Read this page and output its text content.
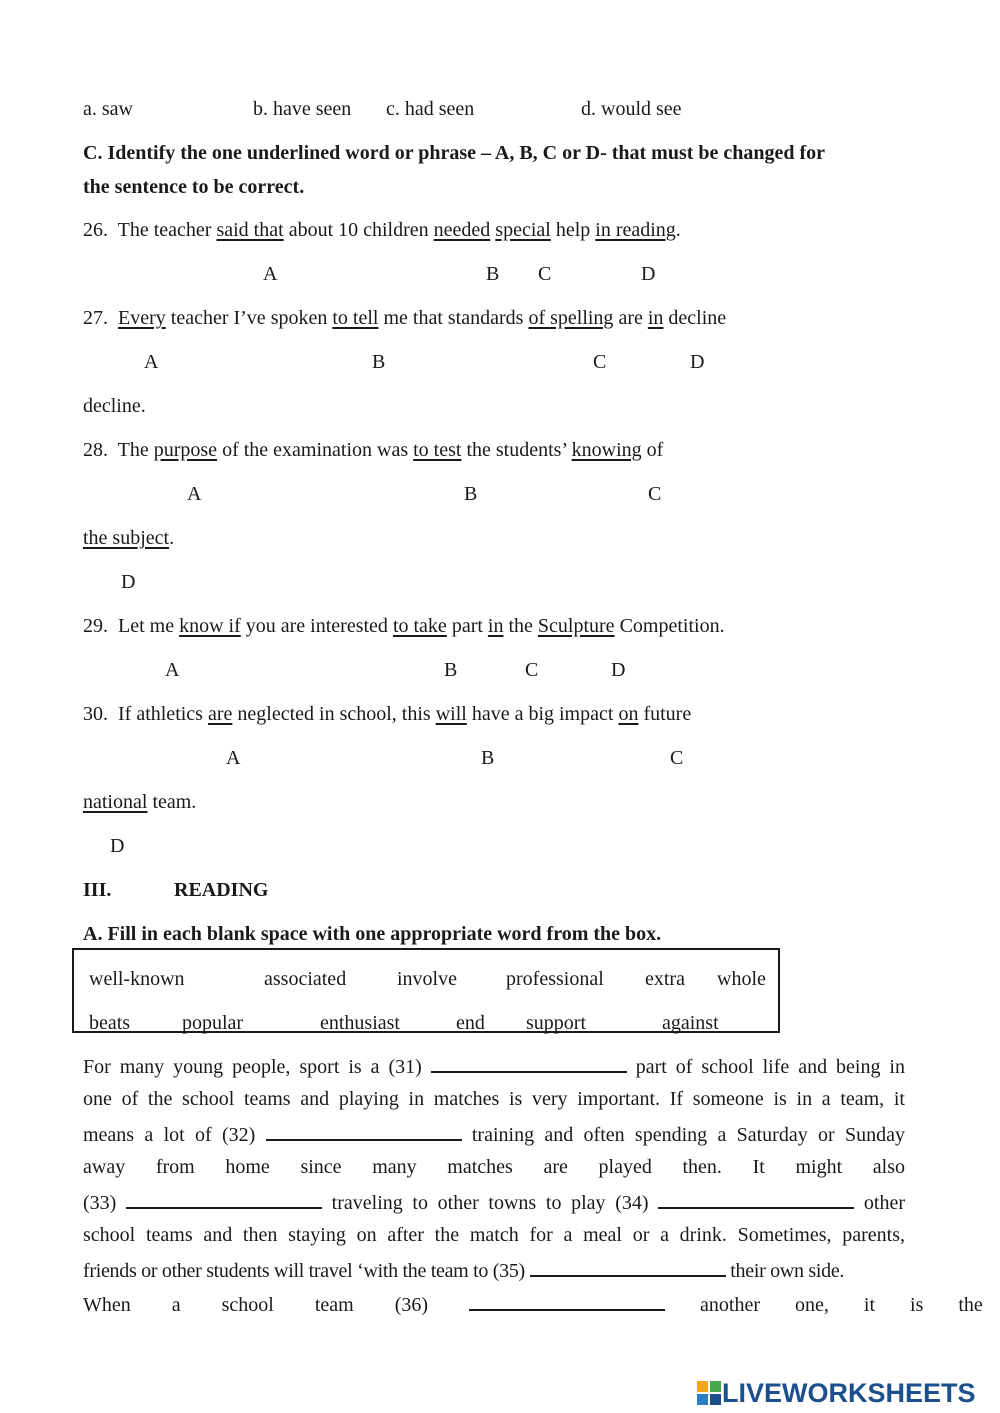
a. saw	b. have seen c. had seen	d. would see
C. Identify the one underlined word or phrase – A, B, C or D- that must be changed for
the sentence to be correct.
26. The teacher said that about 10 children needed special help in reading.
A	B C	D
27. Every teacher I’ve spoken to tell me that standards of spelling are in decline
A	B	C	D
decline.
28. The purpose of the examination was to test the students’ knowing of
A	B	C
the subject.
D
29. Let me know if you are interested to take part in the Sculpture Competition.
A	B	C	D
30. If athletics are neglected in school, this will have a big impact on future
A	B	C
national team.
D
III.	READING
A. Fill in each blank space with one appropriate word from the box.
well-known	associated	involve professional extra whole
beats	popular	enthusiast	end support	against
For many young people, sport is a (31)	part of school life and being in
one of the school teams and playing in matches is very important. If someone is in a team, it
means a lot of (32)	training and often spending a Saturday or Sunday
away from home since many matches are played then. It might also
(33)	traveling to other towns to play (34)	other
school teams and then staying on after the match for a meal or a drink. Sometimes, parents,
friends or other students will travel ‘with the team to (35)	their own side.
When a school team (36)	another one, it is the
LIVEWORKSHEETS
